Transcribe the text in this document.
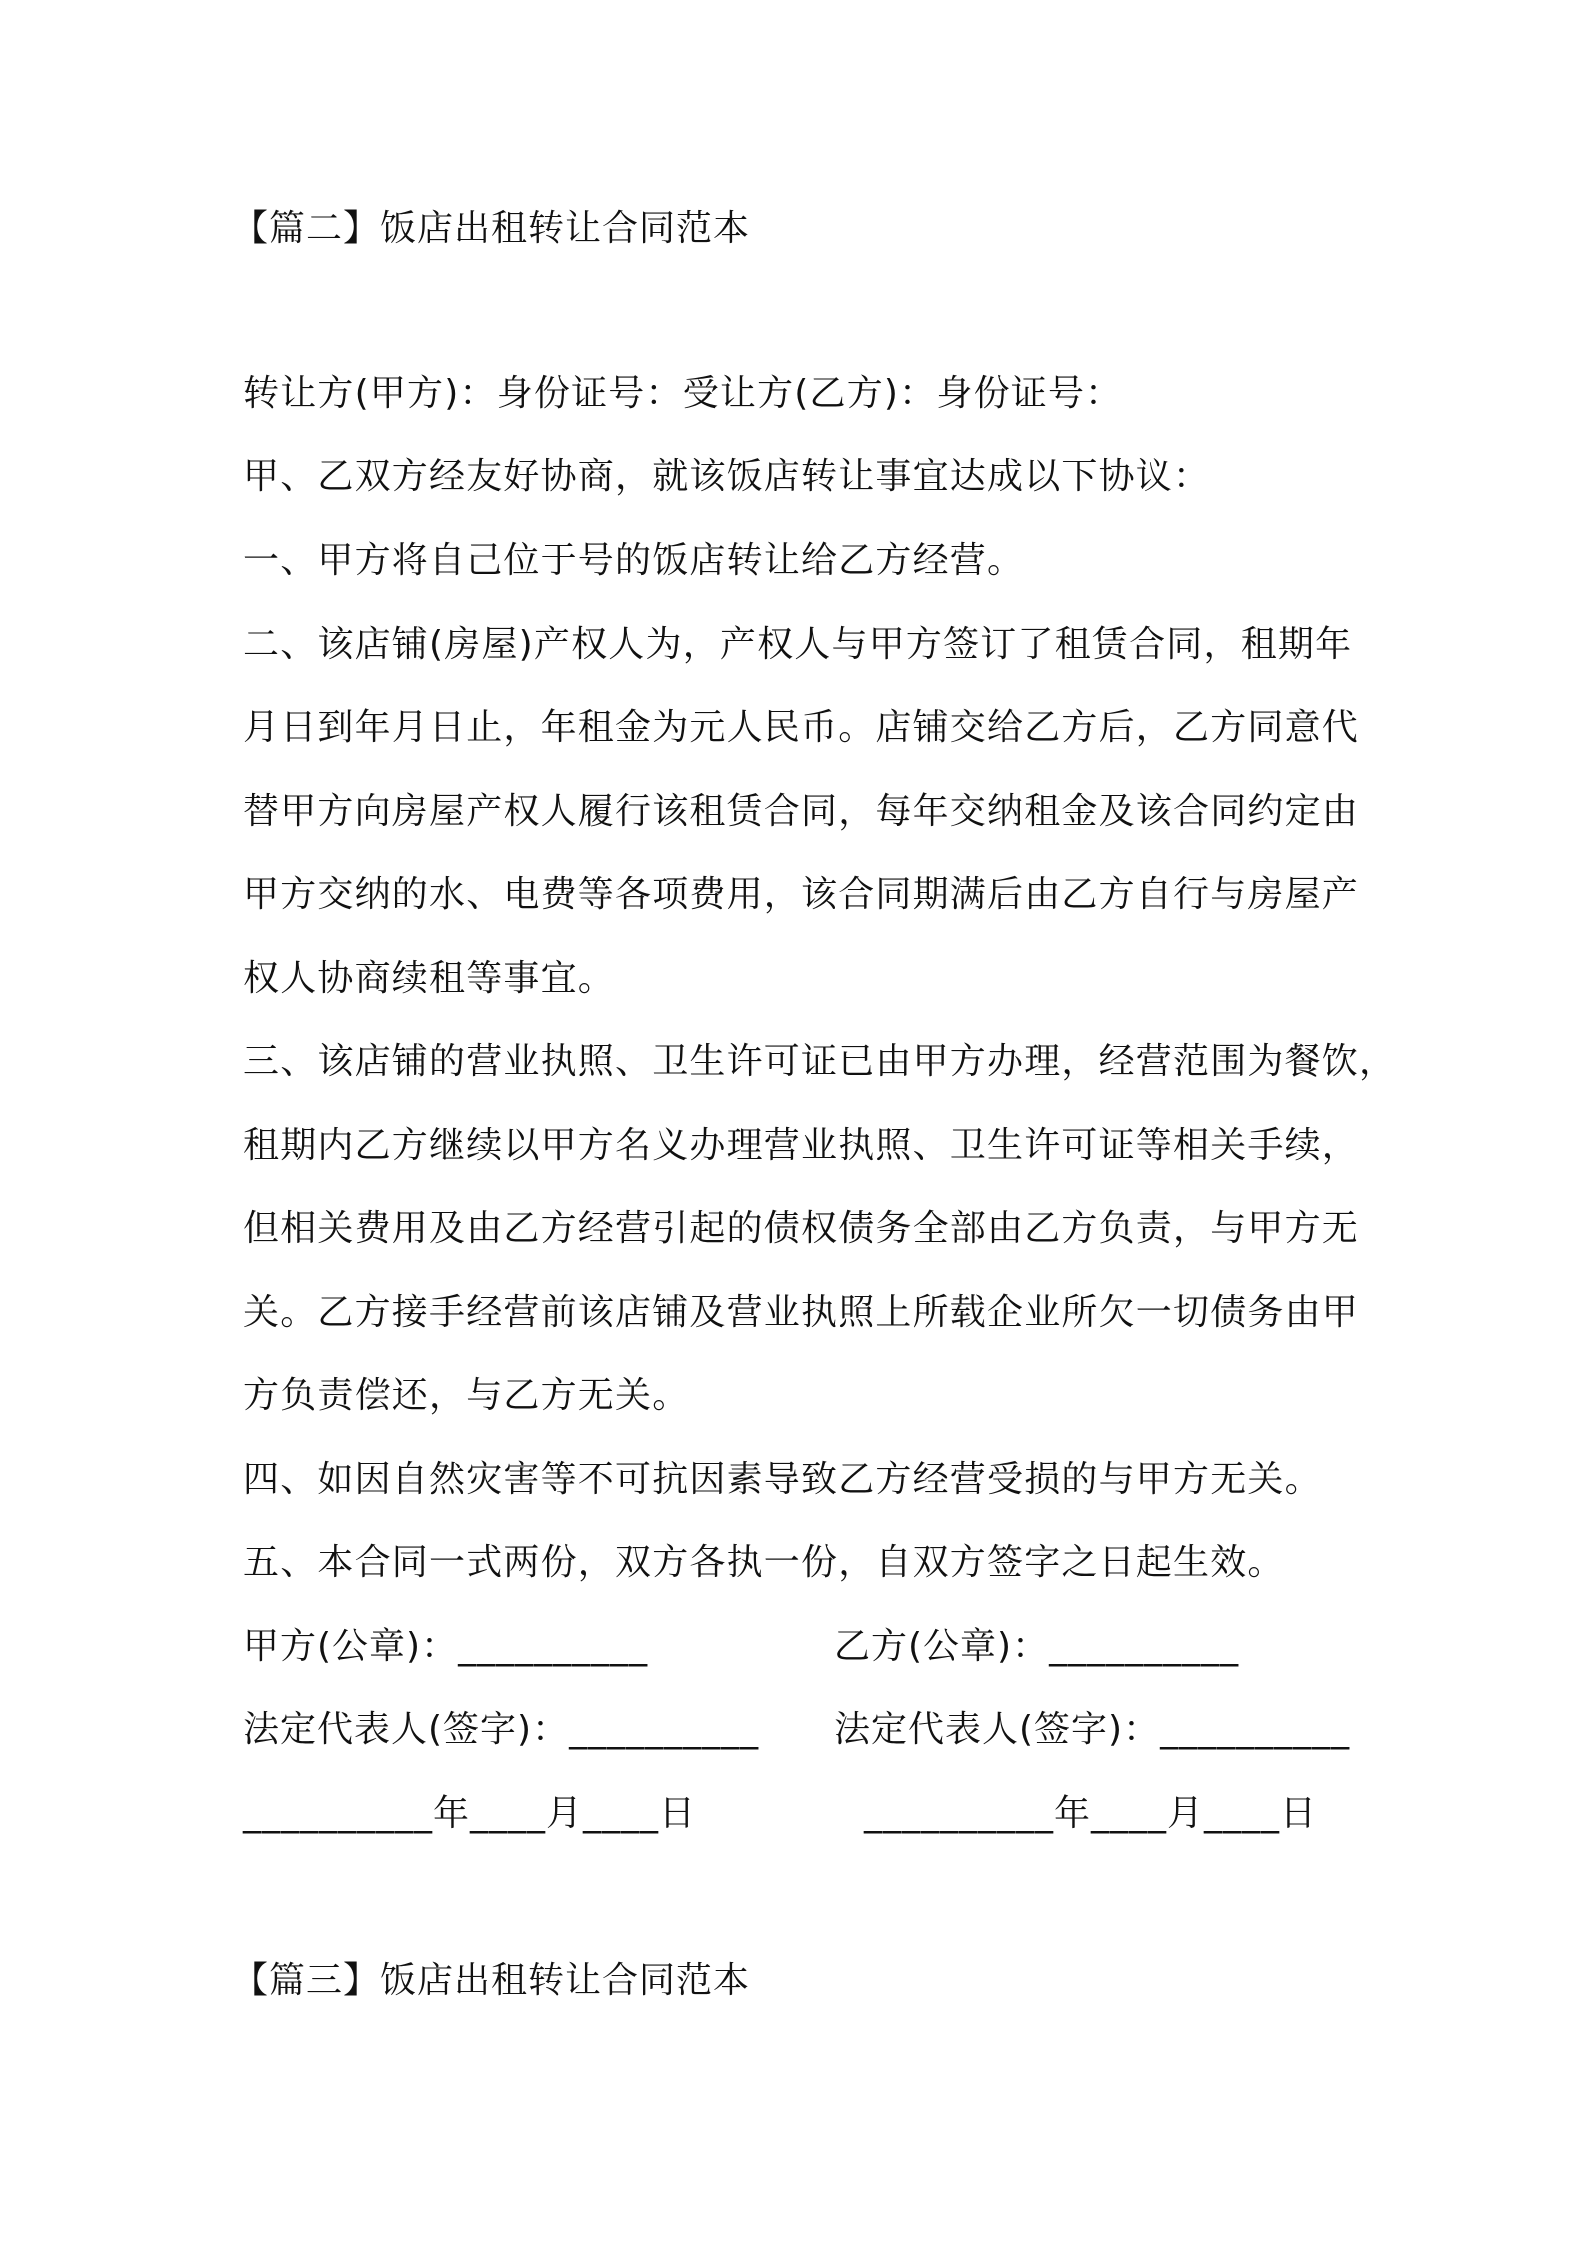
【篇二】饭店出租转让合同范本
转让方(甲方)：身份证号：受让方(乙方)：身份证号：
甲、乙双方经友好协商，就该饭店转让事宜达成以下协议：
一、甲方将自己位于号的饭店转让给乙方经营。
二、该店铺(房屋)产权人为，产权人与甲方签订了租赁合同，租期年
月日到年月日止，年租金为元人民币。店铺交给乙方后，乙方同意代
替甲方向房屋产权人履行该租赁合同，每年交纳租金及该合同约定由
甲方交纳的水、电费等各项费用，该合同期满后由乙方自行与房屋产
权人协商续租等事宜。
三、该店铺的营业执照、卫生许可证已由甲方办理，经营范围为餐饮，
租期内乙方继续以甲方名义办理营业执照、卫生许可证等相关手续，
但相关费用及由乙方经营引起的债权债务全部由乙方负责，与甲方无
关。乙方接手经营前该店铺及营业执照上所载企业所欠一切债务由甲
方负责偿还，与乙方无关。
四、如因自然灾害等不可抗因素导致乙方经营受损的与甲方无关。
五、本合同一式两份，双方各执一份，自双方签字之日起生效。
甲方(公章)：__________	乙方(公章)：__________
法定代表人(签字)：__________ 法定代表人(签字)：__________
__________年____月____日	__________年____月____日
【篇三】饭店出租转让合同范本
